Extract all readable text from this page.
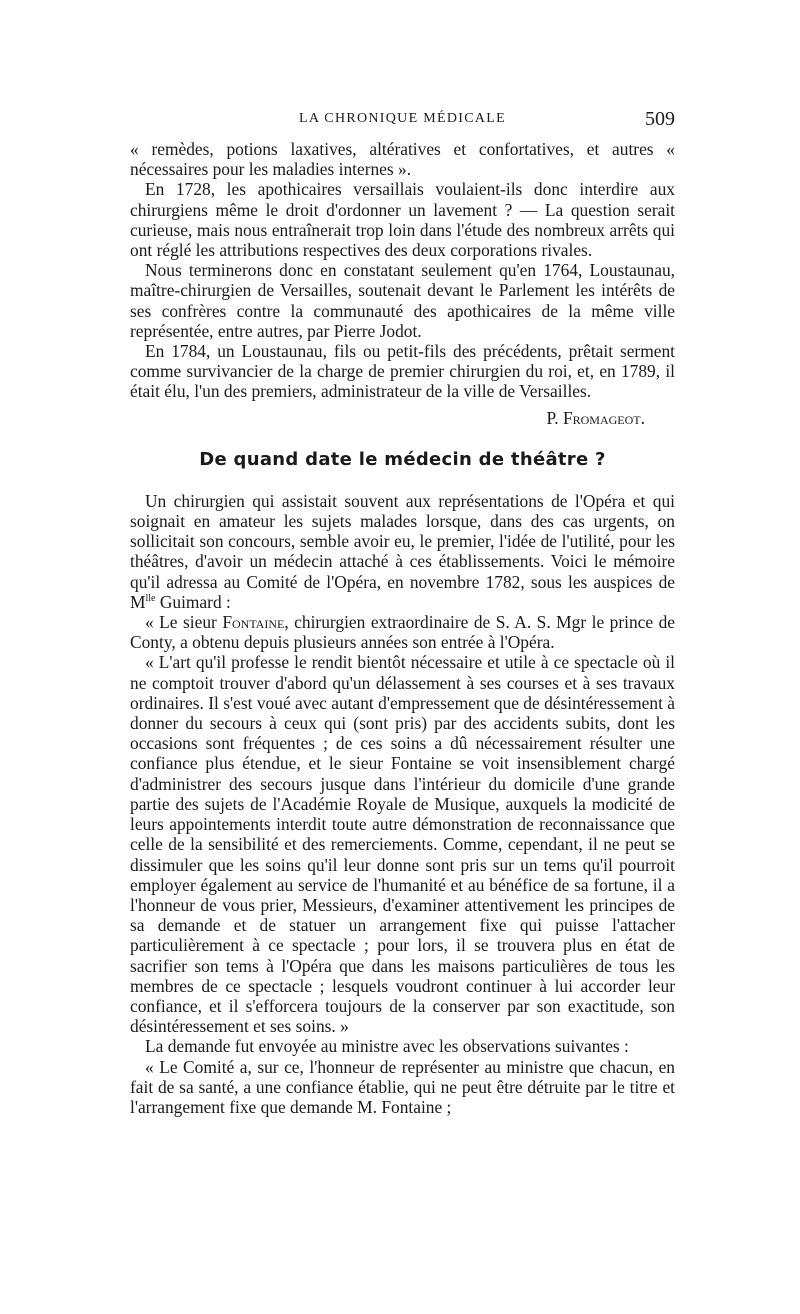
LA CHRONIQUE MÉDICALE	509

« remèdes, potions laxatives, altératives et confortatives, et autres « nécessaires pour les maladies internes ».

En 1728, les apothicaires versaillais voulaient-ils donc interdire aux chirurgiens même le droit d'ordonner un lavement ? — La question serait curieuse, mais nous entraînerait trop loin dans l'étude des nombreux arrêts qui ont réglé les attributions respectives des deux corporations rivales.

Nous terminerons donc en constatant seulement qu'en 1764, Loustaunau, maître-chirurgien de Versailles, soutenait devant le Parlement les intérêts de ses confrères contre la communauté des apothicaires de la même ville représentée, entre autres, par Pierre Jodot.

En 1784, un Loustaunau, fils ou petit-fils des précédents, prêtait serment comme survivancier de la charge de premier chirurgien du roi, et, en 1789, il était élu, l'un des premiers, administrateur de la ville de Versailles.

P. Fromageot.

De quand date le médecin de théâtre ?

Un chirurgien qui assistait souvent aux représentations de l'Opéra et qui soignait en amateur les sujets malades lorsque, dans des cas urgents, on sollicitait son concours, semble avoir eu, le premier, l'idée de l'utilité, pour les théâtres, d'avoir un médecin attaché à ces établissements. Voici le mémoire qu'il adressa au Comité de l'Opéra, en novembre 1782, sous les auspices de $M^{lle}$ Guimard :

« Le sieur Fontaine, chirurgien extraordinaire de S. A. S. Mgr le prince de Conty, a obtenu depuis plusieurs années son entrée à l'Opéra.

« L'art qu'il professe le rendit bientôt nécessaire et utile à ce spectacle où il ne comptoit trouver d'abord qu'un délassement à ses courses et à ses travaux ordinaires. Il s'est voué avec autant d'empressement que de désintéressement à donner du secours à ceux qui (sont pris) par des accidents subits, dont les occasions sont fréquentes ; de ces soins a dû nécessairement résulter une confiance plus étendue, et le sieur Fontaine se voit insensiblement chargé d'administrer des secours jusque dans l'intérieur du domicile d'une grande partie des sujets de l'Académie Royale de Musique, auxquels la modicité de leurs appointements interdit toute autre démonstration de reconnaissance que celle de la sensibilité et des remerciements. Comme, cependant, il ne peut se dissimuler que les soins qu'il leur donne sont pris sur un tems qu'il pourroit employer également au service de l'humanité et au bénéfice de sa fortune, il a l'honneur de vous prier, Messieurs, d'examiner attentivement les principes de sa demande et de statuer un arrangement fixe qui puisse l'attacher particulièrement à ce spectacle ; pour lors, il se trouvera plus en état de sacrifier son tems à l'Opéra que dans les maisons particulières de tous les membres de ce spectacle ; lesquels voudront continuer à lui accorder leur confiance, et il s'efforcera toujours de la conserver par son exactitude, son désintéressement et ses soins. »

La demande fut envoyée au ministre avec les observations suivantes :

« Le Comité a, sur ce, l'honneur de représenter au ministre que chacun, en fait de sa santé, a une confiance établie, qui ne peut être détruite par le titre et l'arrangement fixe que demande M. Fontaine ;
